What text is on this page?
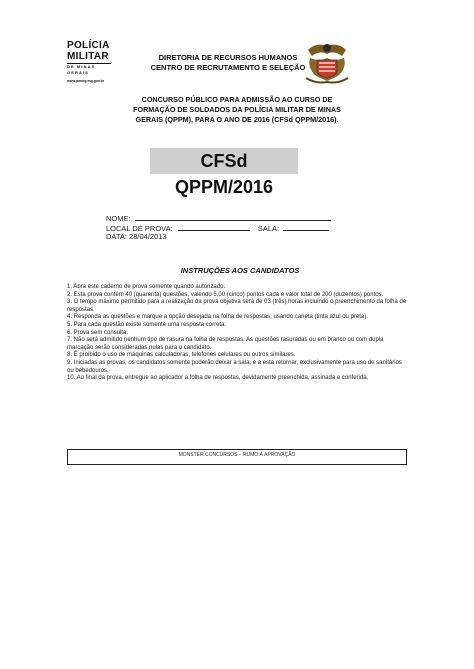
POLÍCIA
MILITAR
DE MINAS GERAIS
www.pmmg.mg.gov.br
DIRETORIA DE RECURSOS HUMANOS
CENTRO DE RECRUTAMENTO E SELEÇÃO
CONCURSO PÚBLICO PARA ADMISSÃO AO CURSO DE
FORMAÇÃO DE SOLDADOS DA POLÍCIA MILITAR DE MINAS
GERAIS (QPPM), PARA O ANO DE 2016 (CFSd QPPM/2016).
CFSd QPPM/2016
NOME:
LOCAL DE PROVA:	SALA:
DATA: 28/04/2013
INSTRUÇÕES AOS CANDIDATOS

1. Abra este caderno de prova somente quando autorizado.

2. Esta prova contém 40 (quarenta) questões, valendo 5,00 (cinco) pontos cada e valor total de 200 (duzentos) pontos.

3. O tempo máximo permitido para a realização da prova objetiva será de 03 (três) horas incluindo o preenchimento da folha de respostas.

4. Responda as questões e marque a opção desejada na folha de respostas, usando caneta (tinta azul ou preta).

5. Para cada questão existe somente uma resposta correta.

6. Prova sem consulta.

7. Não será admitido nenhum tipo de rasura na folha de respostas. As questões rasuradas ou em branco ou com dupla marcação serão consideradas nulas para o candidato.

8. É proibido o uso de máquinas calculadoras, telefones celulares ou outros similares.

9. Iniciadas as provas, os candidatos somente poderão deixar a sala, e a esta retornar, exclusivamente para uso de sanitários ou bebedouros.

10. Ao final da prova, entregue ao aplicador a folha de respostas, devidamente preenchida, assinada e conferida.

MONSTER CONCURSOS – RUMO À APROVAÇÃO
